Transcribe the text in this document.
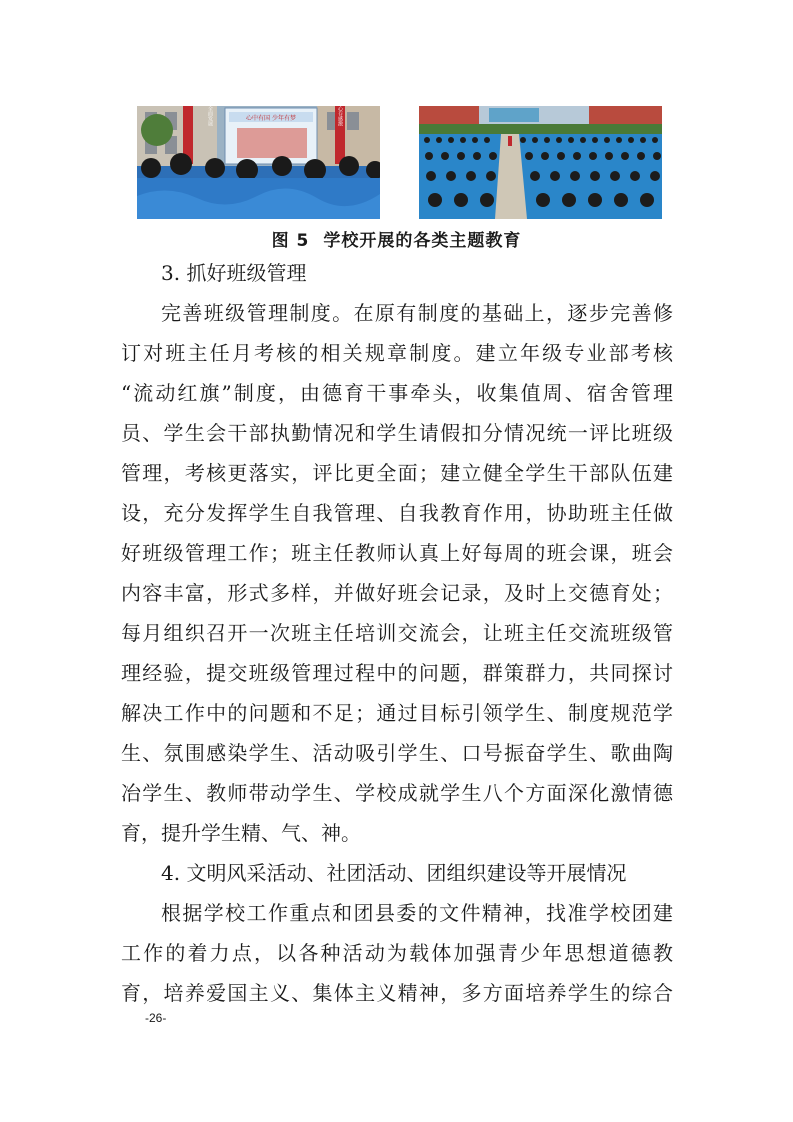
心中有国 少年有梦
全面发展	心存感激
图 5 学校开展的各类主题教育
3. 抓好班级管理
完善班级管理制度。在原有制度的基础上，逐步完善修
订对班主任月考核的相关规章制度。建立年级专业部考核
“流动红旗”制度，由德育干事牵头，收集值周、宿舍管理
员、学生会干部执勤情况和学生请假扣分情况统一评比班级
管理，考核更落实，评比更全面；建立健全学生干部队伍建
设，充分发挥学生自我管理、自我教育作用，协助班主任做
好班级管理工作；班主任教师认真上好每周的班会课，班会
内容丰富，形式多样，并做好班会记录，及时上交德育处；
每月组织召开一次班主任培训交流会，让班主任交流班级管
理经验，提交班级管理过程中的问题，群策群力，共同探讨
解决工作中的问题和不足；通过目标引领学生、制度规范学
生、氛围感染学生、活动吸引学生、口号振奋学生、歌曲陶
冶学生、教师带动学生、学校成就学生八个方面深化激情德
育，提升学生精、气、神。
4. 文明风采活动、社团活动、团组织建设等开展情况
根据学校工作重点和团县委的文件精神，找准学校团建
工作的着力点，以各种活动为载体加强青少年思想道德教
育，培养爱国主义、集体主义精神，多方面培养学生的综合
-26-
